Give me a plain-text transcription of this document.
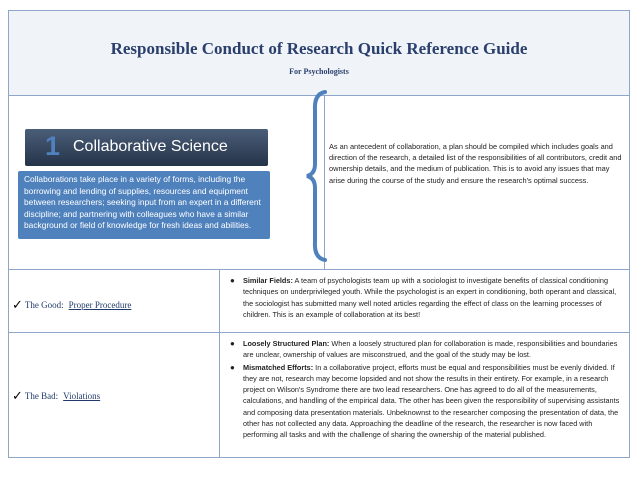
Responsible Conduct of Research Quick Reference Guide
For Psychologists
1 Collaborative Science
Collaborations take place in a variety of forms, including the borrowing and lending of supplies, resources and equipment between researchers; seeking input from an expert in a different discipline; and partnering with colleagues who have a similar background or field of knowledge for fresh ideas and abilities.
As an antecedent of collaboration, a plan should be compiled which includes goals and direction of the research, a detailed list of the responsibilities of all contributors, credit and ownership details, and the medium of publication. This is to avoid any issues that may arise during the course of the study and ensure the research's optimal success.
✓ The Good: Proper Procedure
● Similar Fields: A team of psychologists team up with a sociologist to investigate benefits of classical conditioning techniques on underprivileged youth. While the psychologist is an expert in conditioning, both operant and classical, the sociologist has submitted many well noted articles regarding the effect of class on the learning processes of children. This is an example of collaboration at its best!
✓ The Bad: Violations
● Loosely Structured Plan: When a loosely structured plan for collaboration is made, responsibilities and boundaries are unclear, ownership of values are misconstrued, and the goal of the study may be lost.
● Mismatched Efforts: In a collaborative project, efforts must be equal and responsibilities must be evenly divided. If they are not, research may become lopsided and not show the results in their entirety. For example, in a research project on Wilson's Syndrome there are two lead researchers. One has agreed to do all of the measurements, calculations, and handling of the empirical data. The other has been given the responsibility of supervising assistants and composing data presentation materials. Unbeknownst to the researcher composing the presentation of data, the other has not collected any data. Approaching the deadline of the research, the researcher is now faced with performing all tasks and with the challenge of sharing the ownership of the material published.
